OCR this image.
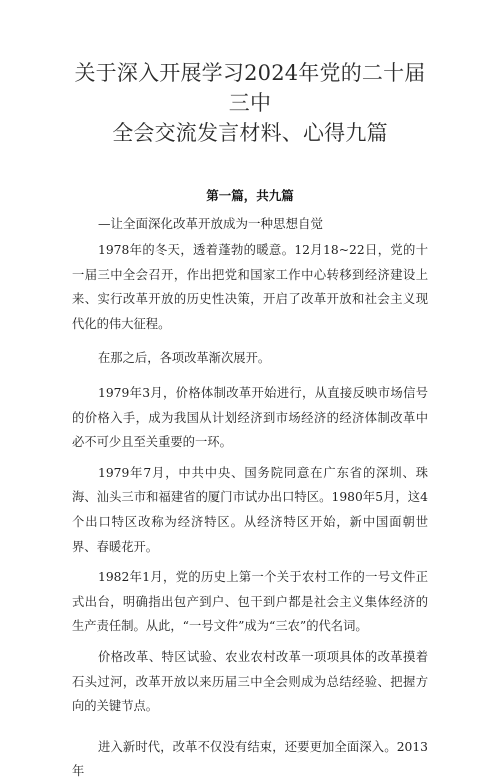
关于深入开展学习2024年党的二十届三中
全会交流发言材料、心得九篇
第一篇，共九篇
—让全面深化改革开放成为一种思想自觉

1978年的冬天，透着蓬勃的暖意。12月18~22日，党的十一届三中全会召开，作出把党和国家工作中心转移到经济建设上来、实行改革开放的历史性决策，开启了改革开放和社会主义现代化的伟大征程。

在那之后，各项改革渐次展开。

1979年3月，价格体制改革开始进行，从直接反映市场信号的价格入手，成为我国从计划经济到市场经济的经济体制改革中必不可少且至关重要的一环。

1979年7月，中共中央、国务院同意在广东省的深圳、珠海、汕头三市和福建省的厦门市试办出口特区。1980年5月，这4个出口特区改称为经济特区。从经济特区开始，新中国面朝世界、春暖花开。

1982年1月，党的历史上第一个关于农村工作的一号文件正式出台，明确指出包产到户、包干到户都是社会主义集体经济的生产责任制。从此，“一号文件”成为“三农”的代名词。

价格改革、特区试验、农业农村改革一项项具体的改革摸着石头过河，改革开放以来历届三中全会则成为总结经验、把握方向的关键节点。

进入新时代，改革不仅没有结束，还要更加全面深入。2013年
